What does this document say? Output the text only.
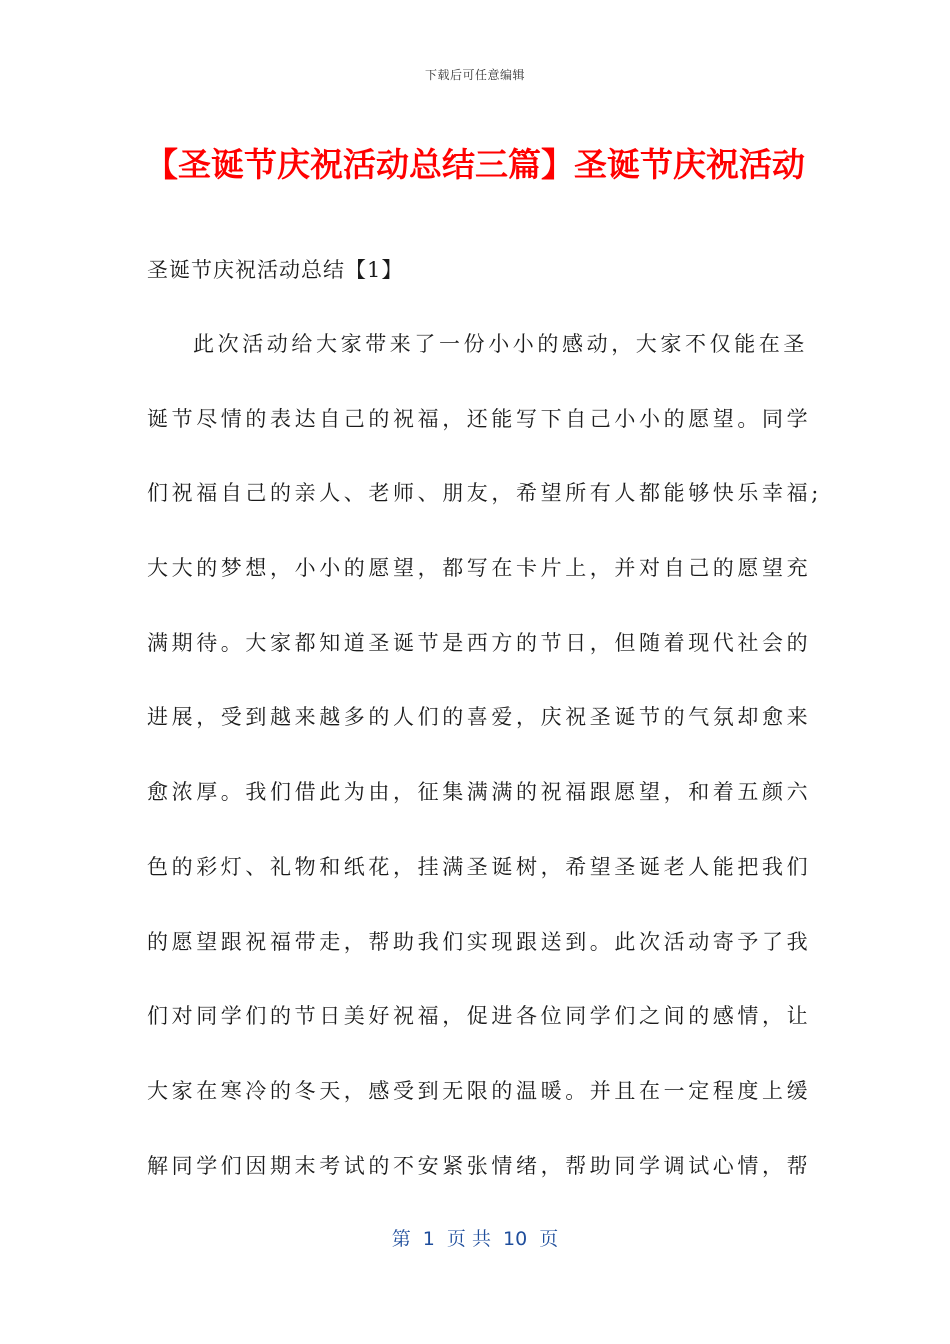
下载后可任意编辑
【圣诞节庆祝活动总结三篇】圣诞节庆祝活动

圣诞节庆祝活动总结【1】

此次活动给大家带来了一份小小的感动，大家不仅能在圣
诞节尽情的表达自己的祝福，还能写下自己小小的愿望。同学
们祝福自己的亲人、老师、朋友，希望所有人都能够快乐幸福;
大大的梦想，小小的愿望，都写在卡片上，并对自己的愿望充
满期待。大家都知道圣诞节是西方的节日，但随着现代社会的
进展，受到越来越多的人们的喜爱，庆祝圣诞节的气氛却愈来
愈浓厚。我们借此为由，征集满满的祝福跟愿望，和着五颜六
色的彩灯、礼物和纸花，挂满圣诞树，希望圣诞老人能把我们
的愿望跟祝福带走，帮助我们实现跟送到。此次活动寄予了我
们对同学们的节日美好祝福，促进各位同学们之间的感情，让
大家在寒冷的冬天，感受到无限的温暖。并且在一定程度上缓
解同学们因期末考试的不安紧张情绪，帮助同学调试心情，帮
第  1  页 共  10  页
